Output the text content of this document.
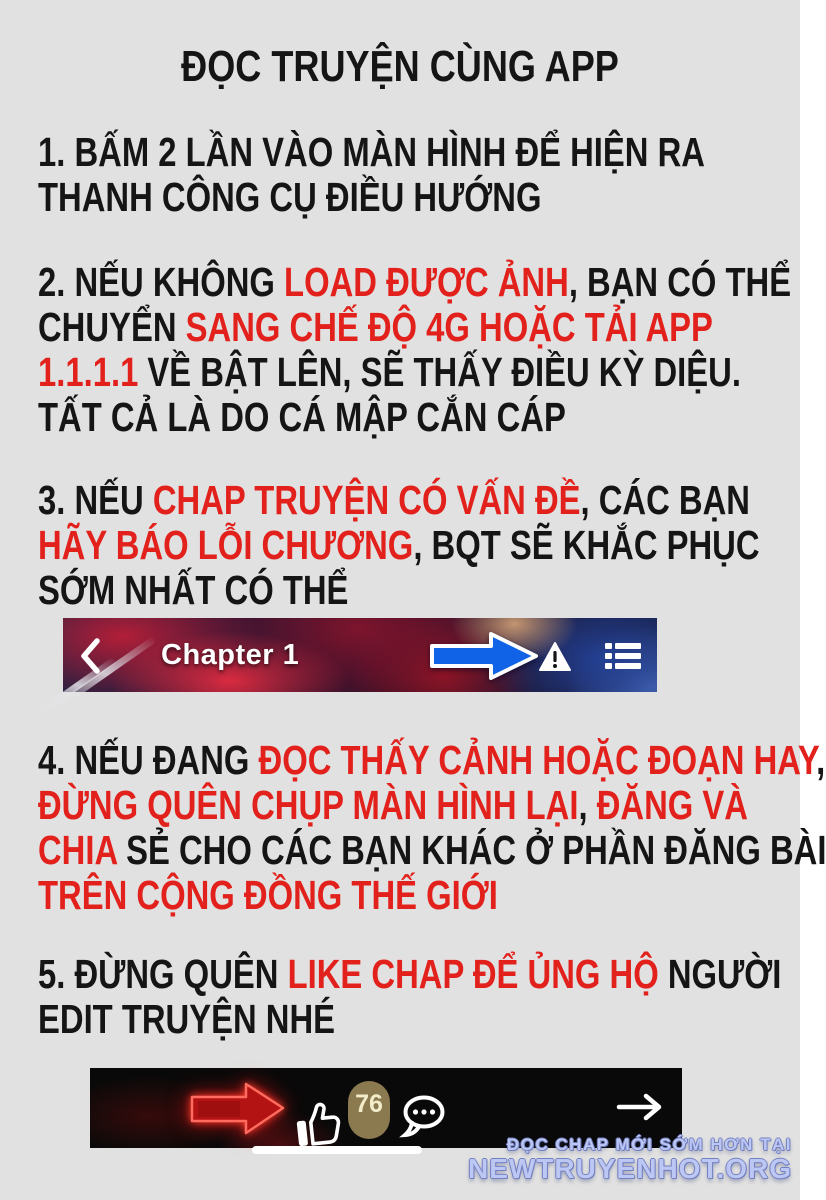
ĐỌC TRUYỆN CÙNG APP
1. BẤM 2 LẦN VÀO MÀN HÌNH ĐỂ HIỆN RA
THANH CÔNG CỤ ĐIỀU HƯỚNG
2. NẾU KHÔNG LOAD ĐƯỢC ẢNH, BẠN CÓ THỂ
CHUYỂN SANG CHẾ ĐỘ 4G HOẶC TẢI APP
1.1.1.1 VỀ BẬT LÊN, SẼ THẤY ĐIỀU KỲ DIỆU.
TẤT CẢ LÀ DO CÁ MẬP CẮN CÁP
3. NẾU CHAP TRUYỆN CÓ VẤN ĐỀ, CÁC BẠN
HÃY BÁO LỖI CHƯƠNG, BQT SẼ KHẮC PHỤC
SỚM NHẤT CÓ THỂ
Chapter 1
4. NẾU ĐANG ĐỌC THẤY CẢNH HOẶC ĐOẠN HAY,
ĐỪNG QUÊN CHỤP MÀN HÌNH LẠI, ĐĂNG VÀ
CHIA SẺ CHO CÁC BẠN KHÁC Ở PHẦN ĐĂNG BÀI
TRÊN CỘNG ĐỒNG THẾ GIỚI
5. ĐỪNG QUÊN LIKE CHAP ĐỂ ỦNG HỘ NGƯỜI
EDIT TRUYỆN NHÉ
76
ĐỌC CHAP MỚI SỚM HƠN TẠI
NEWTRUYENHOT.ORG
